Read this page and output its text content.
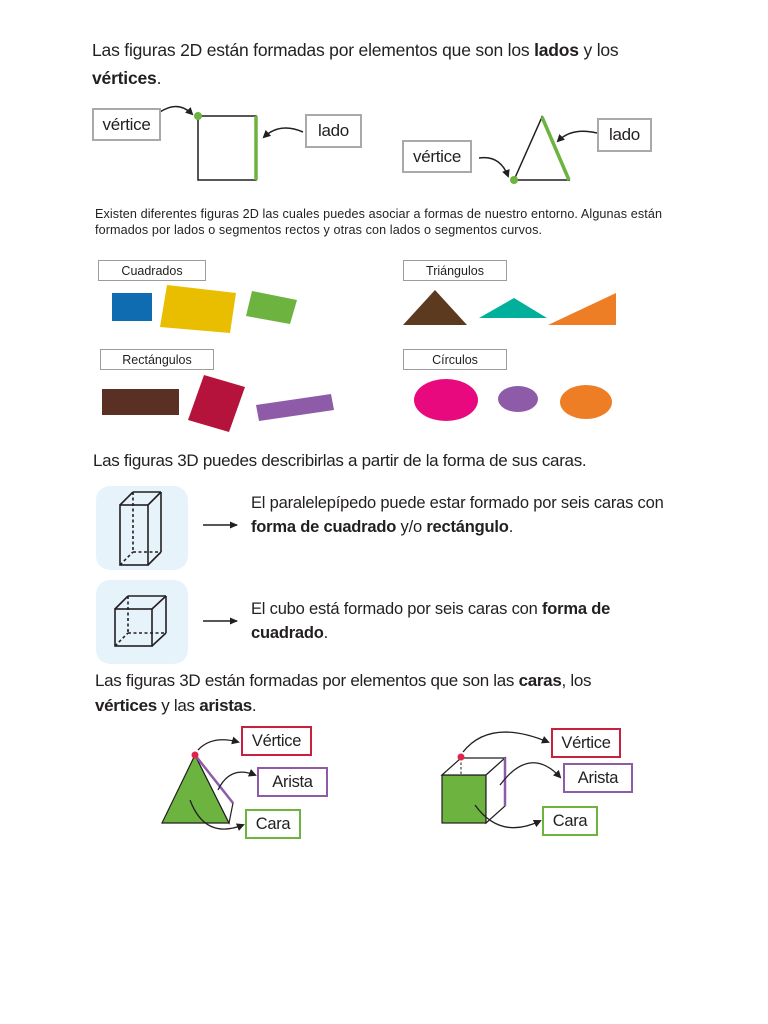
Las figuras 2D están formadas por elementos que son los lados y los
vértices.
vértice	lado
vértice
lado
Existen diferentes figuras 2D las cuales puedes asociar a formas de nuestro entorno. Algunas están formados por lados o segmentos rectos y otras con lados o segmentos curvos.
Cuadrados	Triángulos
Rectángulos	Círculos
Las figuras 3D puedes describirlas a partir de la forma de sus caras.
El paralelepípedo puede estar formado por seis caras con forma de cuadrado y/o rectángulo.
El cubo está formado por seis caras con forma de cuadrado.
Las figuras 3D están formadas por elementos que son las caras, los
vértices y las aristas.
Vértice
Arista
Cara
Vértice
Arista
Cara
